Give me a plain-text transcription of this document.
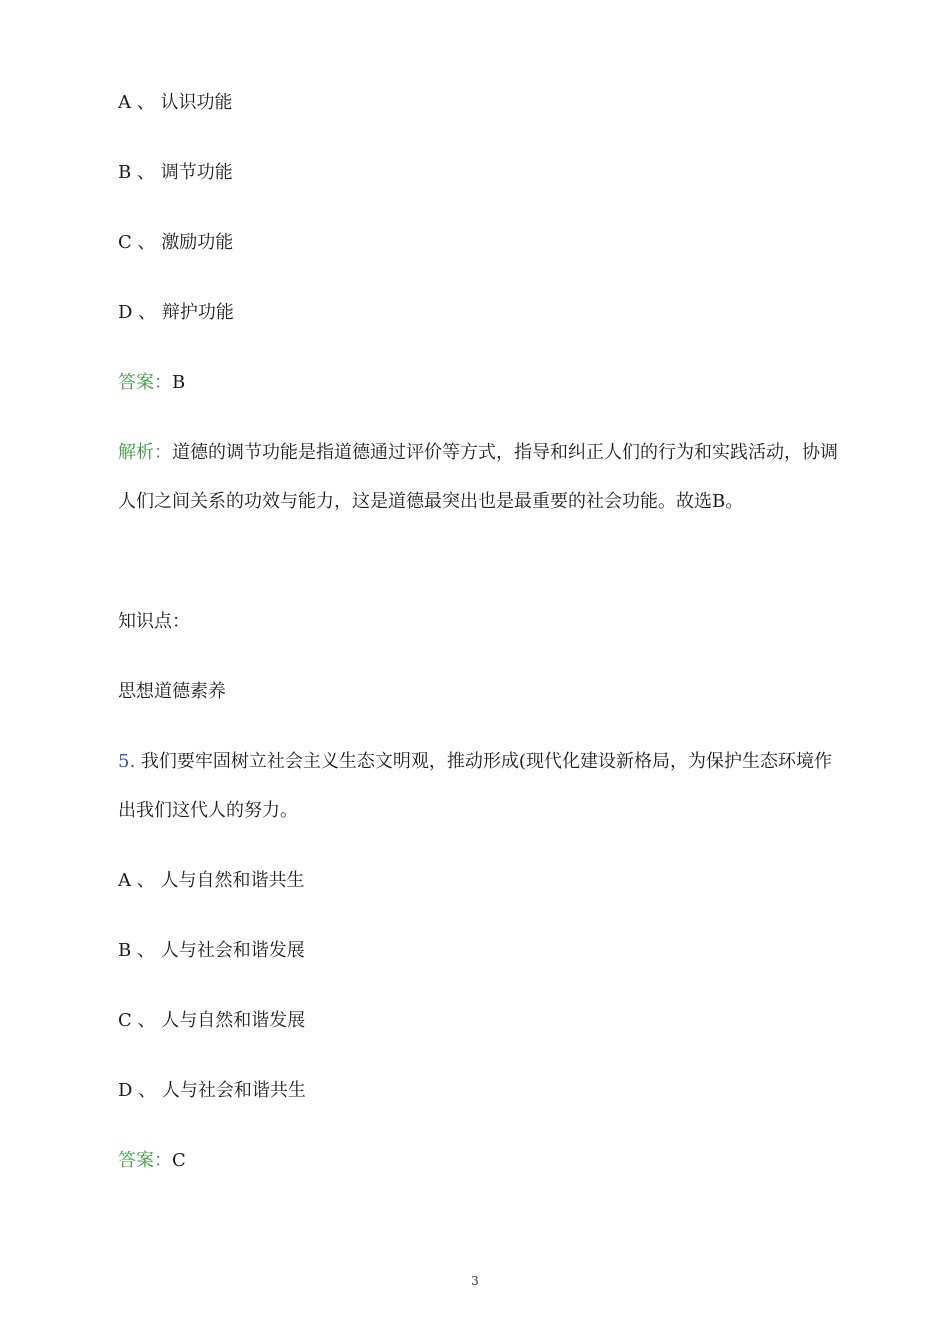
A 、 认识功能
B 、 调节功能
C 、 激励功能
D 、 辩护功能
答案：B
解析：道德的调节功能是指道德通过评价等方式，指导和纠正人们的行为和实践活动，协调人们之间关系的功效与能力，这是道德最突出也是最重要的社会功能。故选B。
知识点：
思想道德素养
5. 我们要牢固树立社会主义生态文明观，推动形成(现代化建设新格局，为保护生态环境作出我们这代人的努力。
A 、 人与自然和谐共生
B 、 人与社会和谐发展
C 、 人与自然和谐发展
D 、 人与社会和谐共生
答案：C
3
